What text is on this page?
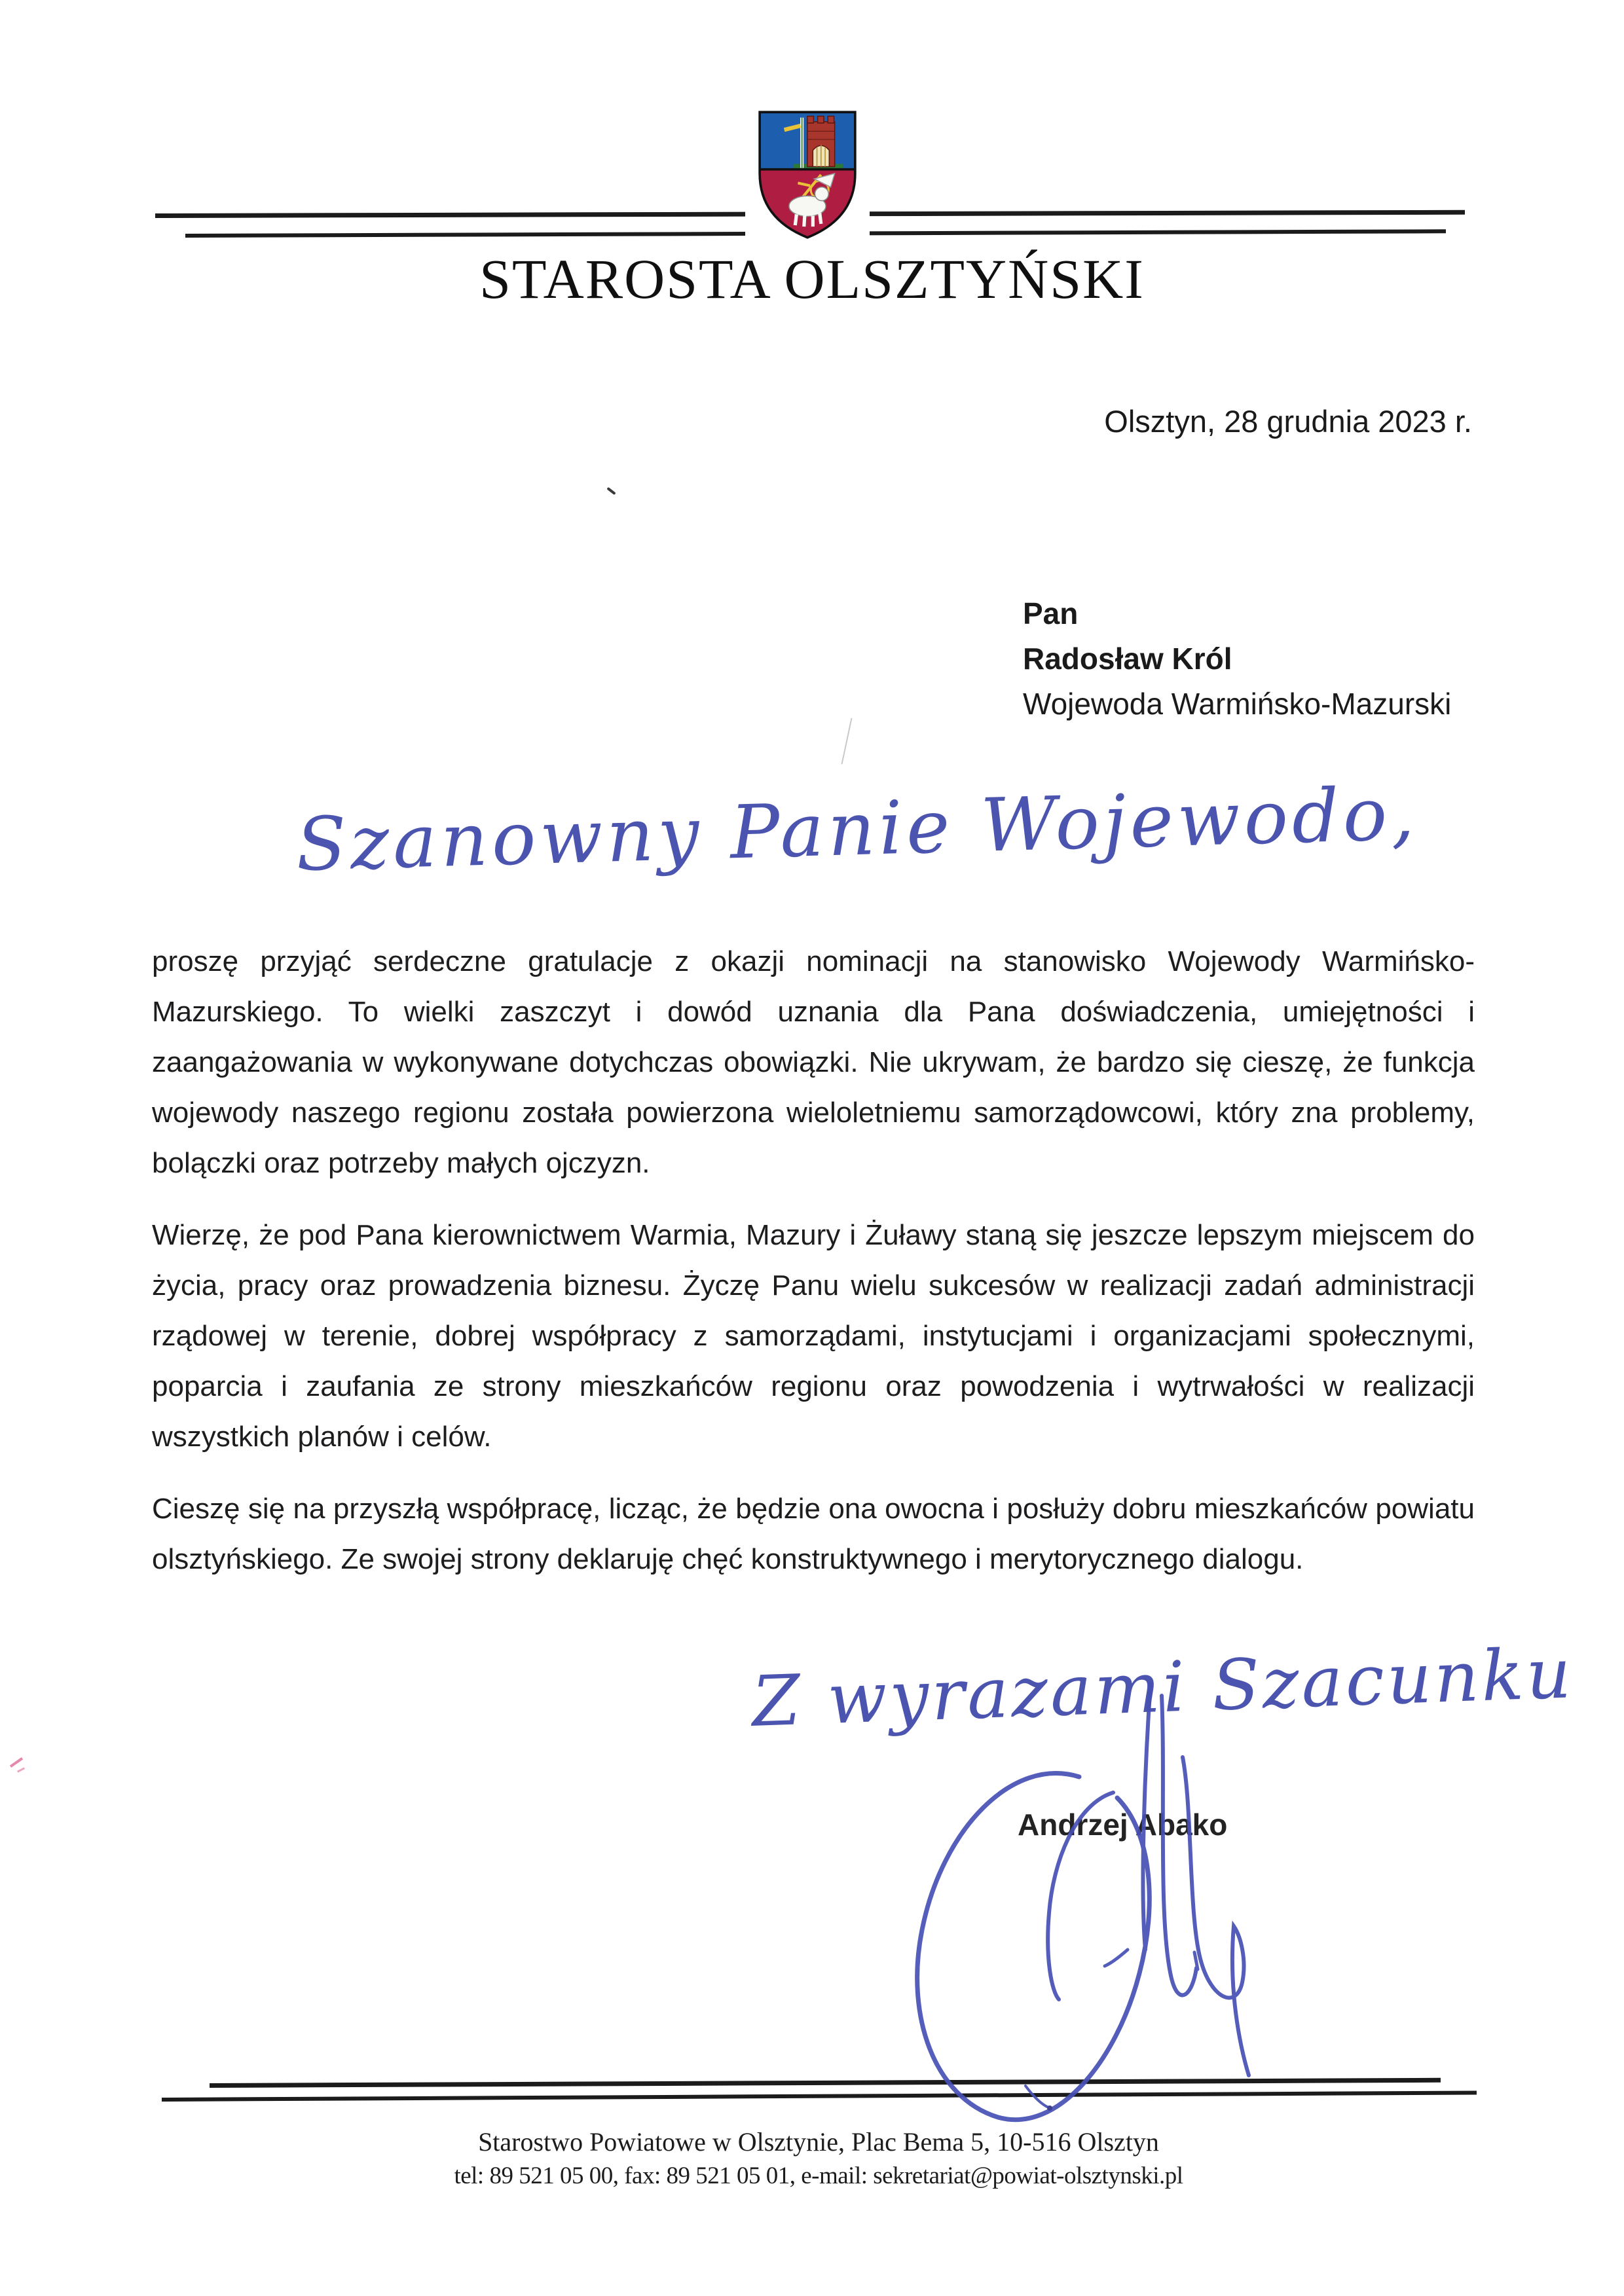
STAROSTA OLSZTYŃSKI
Olsztyn, 28 grudnia 2023 r.
Pan
Radosław Król
Wojewoda Warmińsko-Mazurski
Szanowny Panie Wojewodo,

proszę przyjąć serdeczne gratulacje z okazji nominacji na stanowisko Wojewody Warmińsko-Mazurskiego. To wielki zaszczyt i dowód uznania dla Pana doświadczenia, umiejętności i zaangażowania w wykonywane dotychczas obowiązki. Nie ukrywam, że bardzo się cieszę, że funkcja wojewody naszego regionu została powierzona wieloletniemu samorządowcowi, który zna problemy, bolączki oraz potrzeby małych ojczyzn.

Wierzę, że pod Pana kierownictwem Warmia, Mazury i Żuławy staną się jeszcze lepszym miejscem do życia, pracy oraz prowadzenia biznesu. Życzę Panu wielu sukcesów w realizacji zadań administracji rządowej w terenie, dobrej współpracy z samorządami, instytucjami i organizacjami społecznymi, poparcia i zaufania ze strony mieszkańców regionu oraz powodzenia i wytrwałości w realizacji wszystkich planów i celów.

Cieszę się na przyszłą współpracę, licząc, że będzie ona owocna i posłuży dobru mieszkańców powiatu olsztyńskiego. Ze swojej strony deklaruję chęć konstruktywnego i merytorycznego dialogu.

Z wyrazami Szacunku
Andrzej Abako
Starostwo Powiatowe w Olsztynie, Plac Bema 5, 10-516 Olsztyn
tel: 89 521 05 00, fax: 89 521 05 01, e-mail: sekretariat@powiat-olsztynski.pl
